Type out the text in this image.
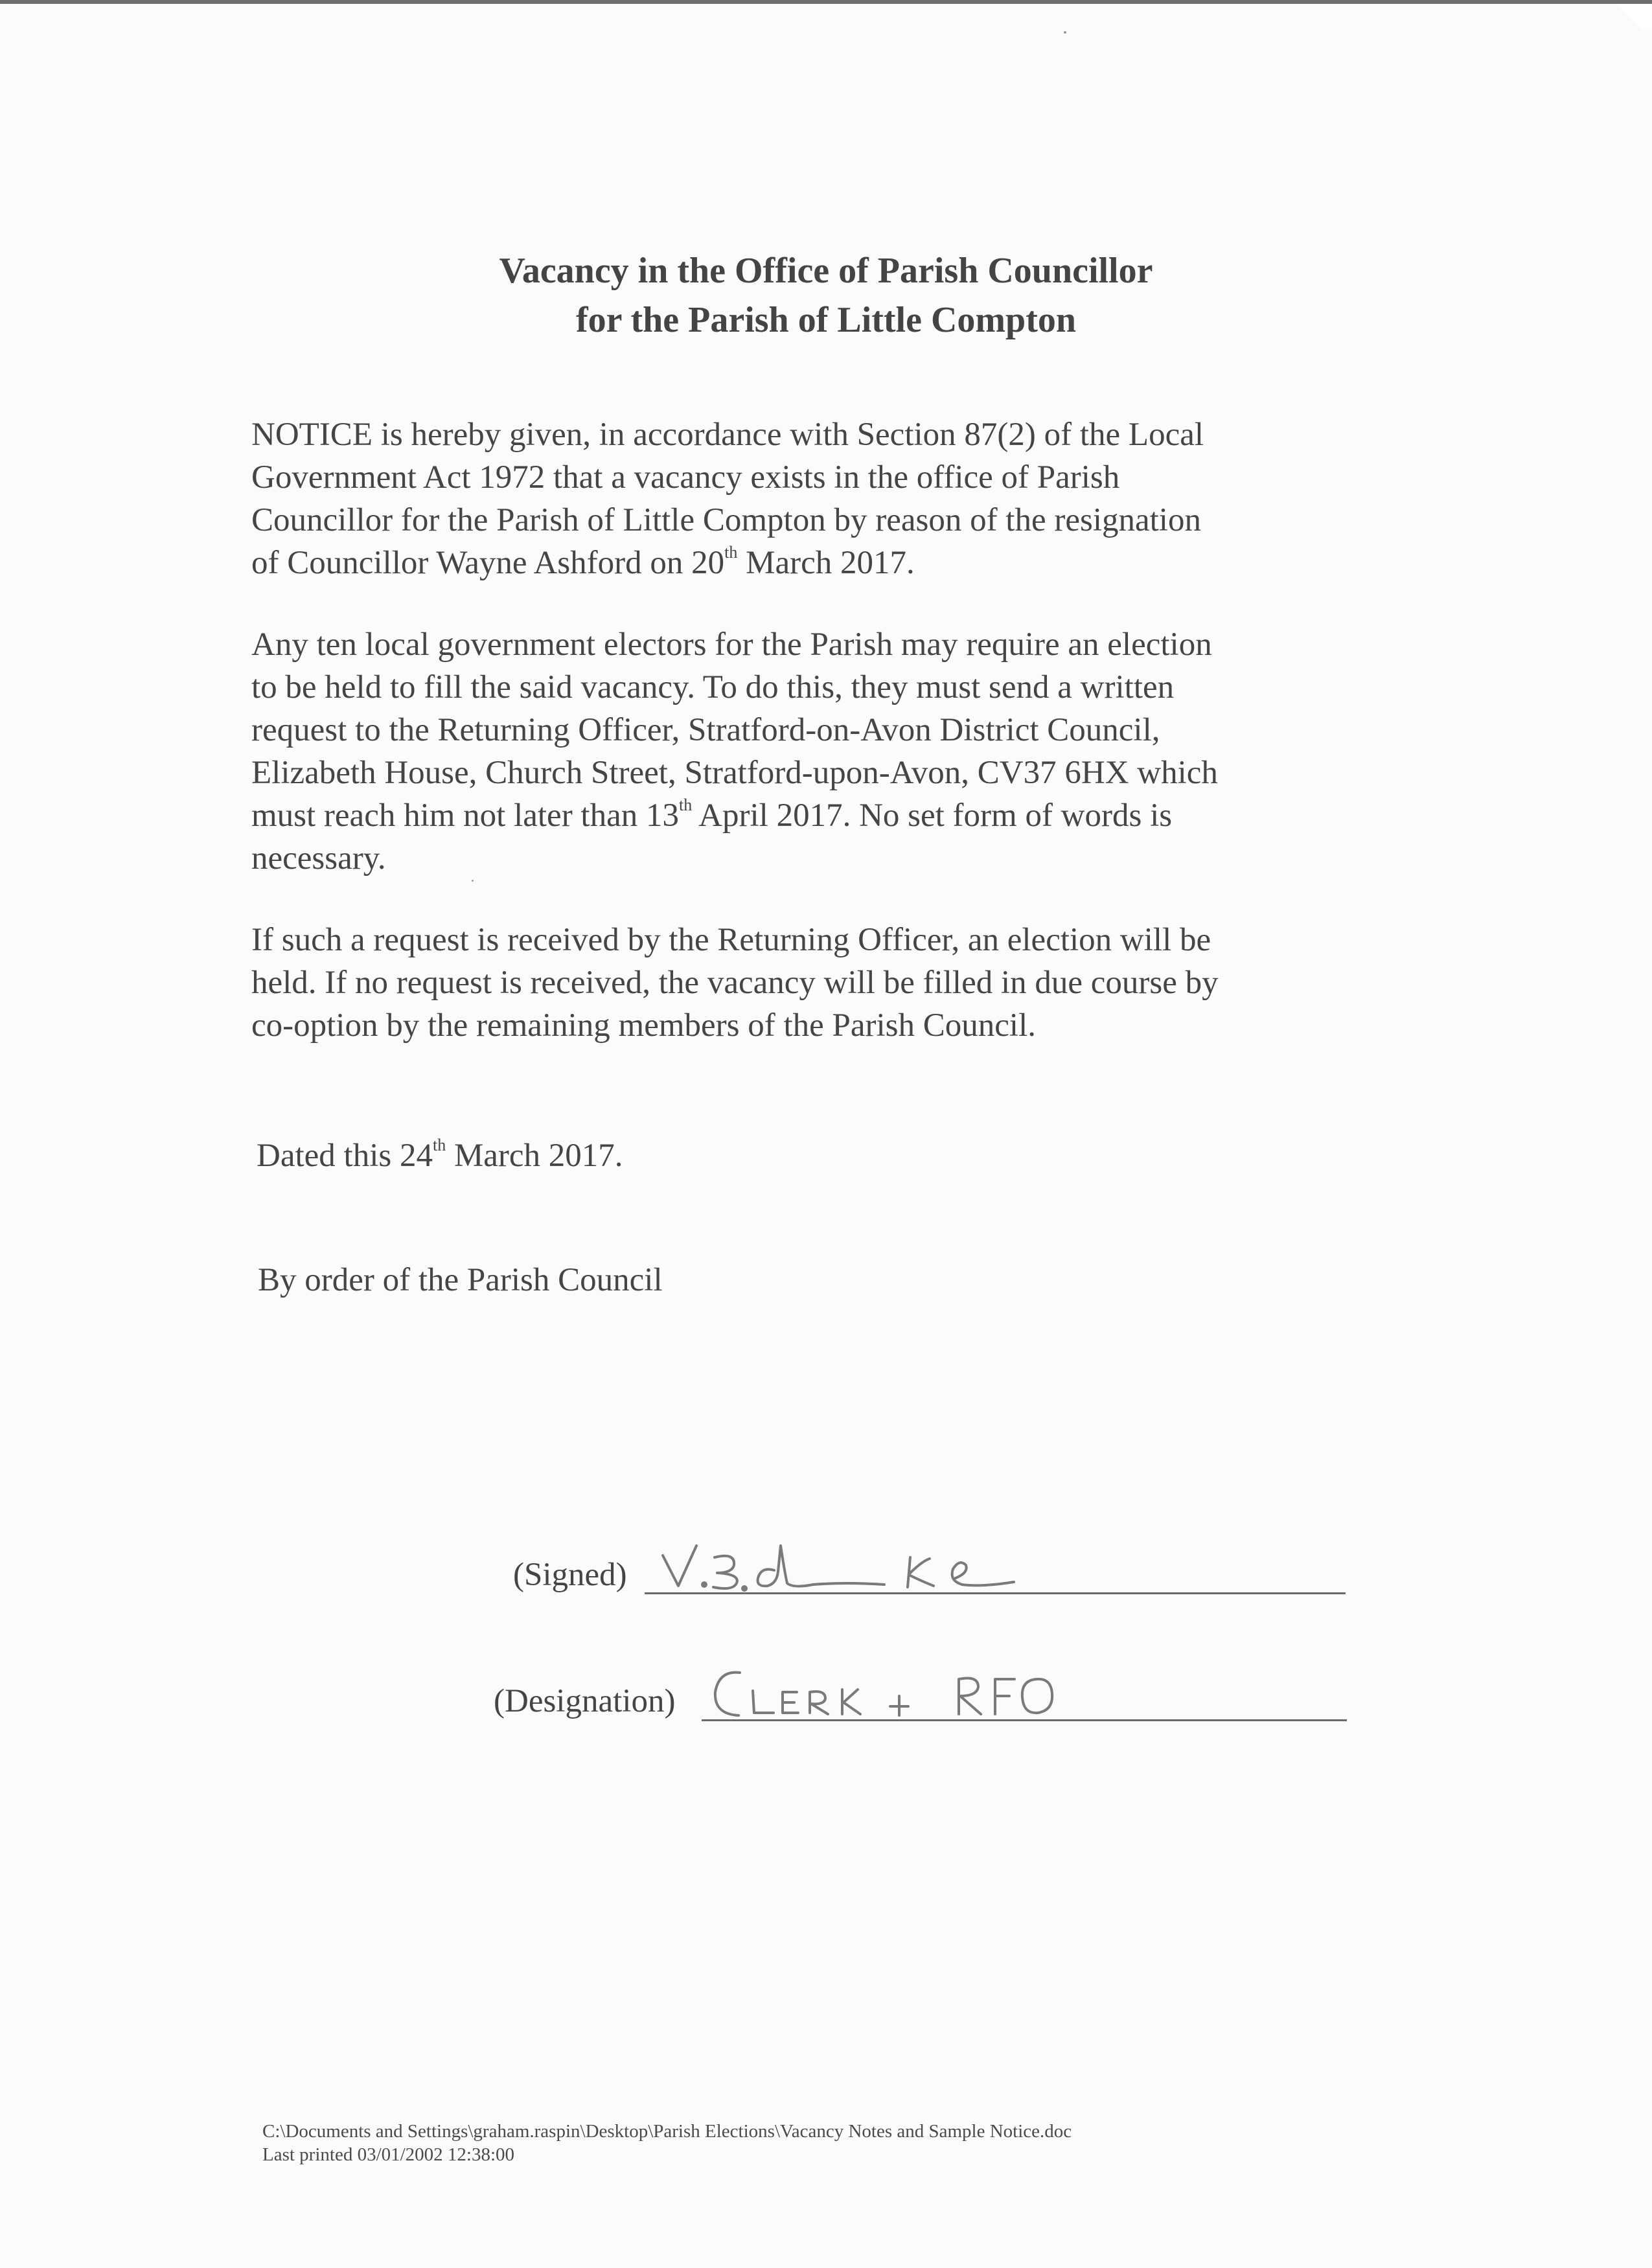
Vacancy in the Office of Parish Councillor
for the Parish of Little Compton
NOTICE is hereby given, in accordance with Section 87(2) of the Local
Government Act 1972 that a vacancy exists in the office of Parish
Councillor for the Parish of Little Compton by reason of the resignation
of Councillor Wayne Ashford on 20th March 2017.
Any ten local government electors for the Parish may require an election
to be held to fill the said vacancy. To do this, they must send a written
request to the Returning Officer, Stratford-on-Avon District Council,
Elizabeth House, Church Street, Stratford-upon-Avon, CV37 6HX which
must reach him not later than 13th April 2017. No set form of words is
necessary.
If such a request is received by the Returning Officer, an election will be
held. If no request is received, the vacancy will be filled in due course by
co-option by the remaining members of the Parish Council.
Dated this 24th March 2017.
By order of the Parish Council
(Signed)
(Designation)
C:\Documents and Settings\graham.raspin\Desktop\Parish Elections\Vacancy Notes and Sample Notice.doc
Last printed 03/01/2002 12:38:00
